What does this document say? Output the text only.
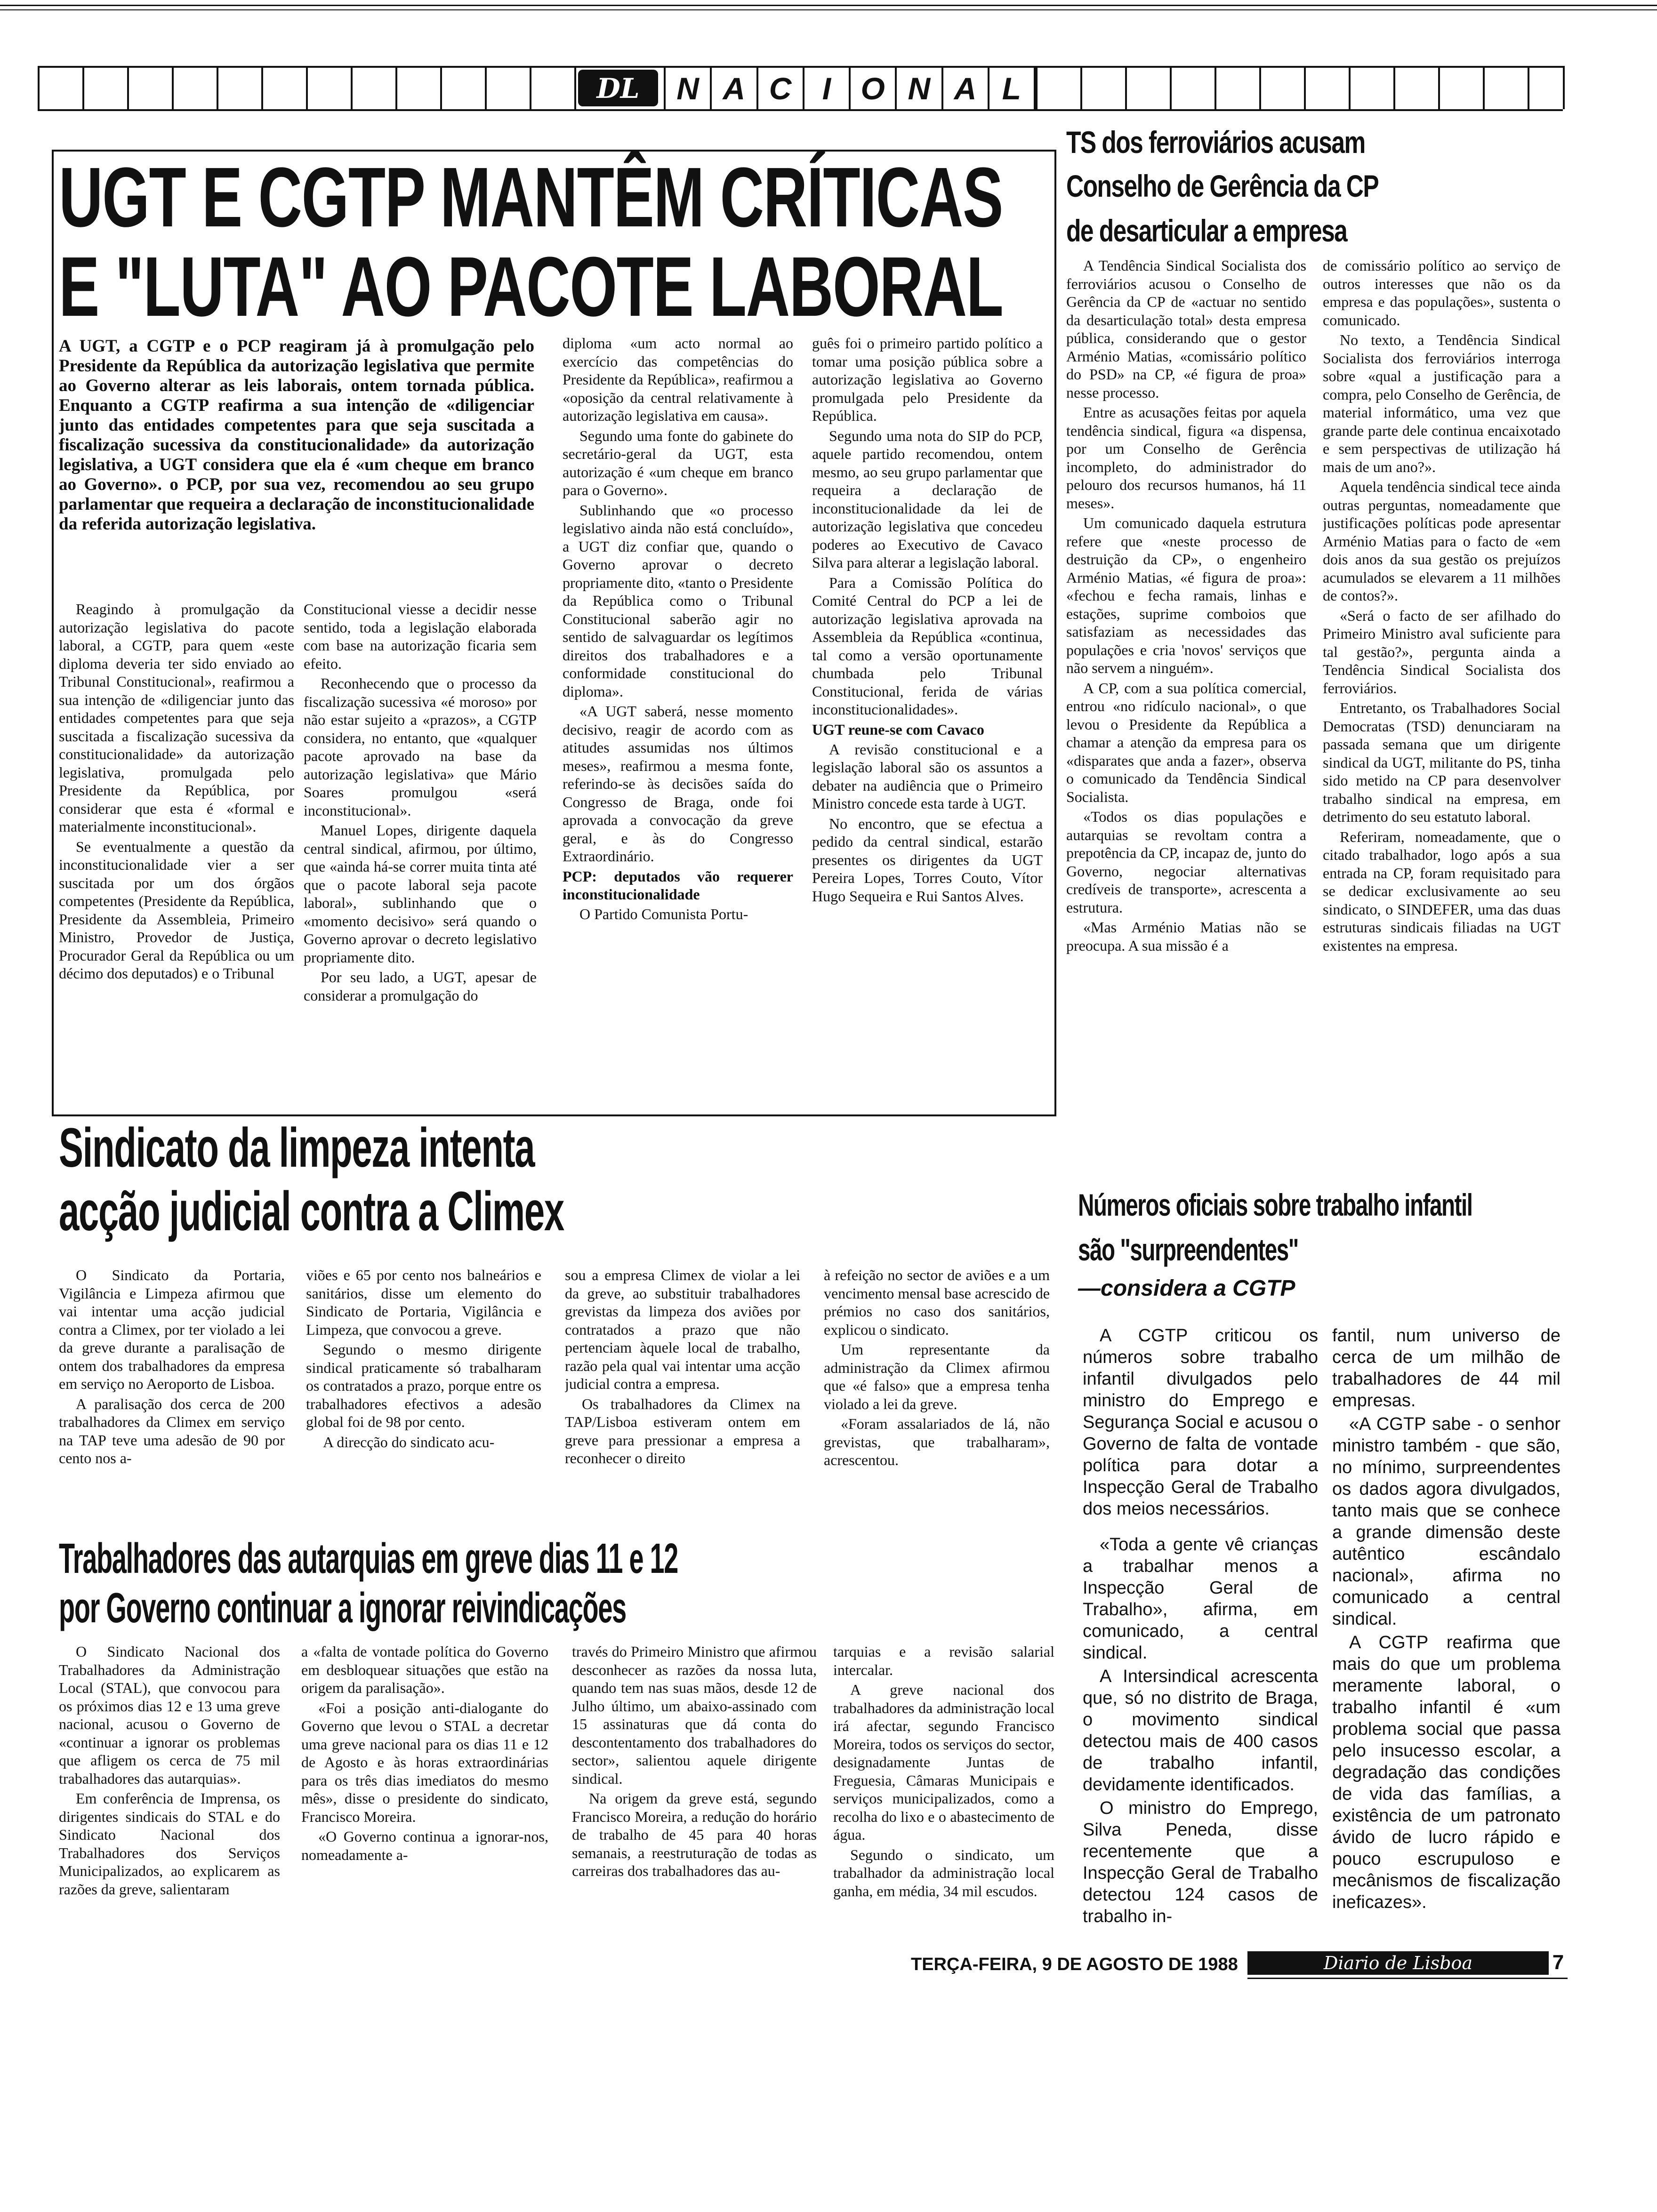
DL	N A C I O N A L
UGT E CGTP MANTÊM CRÍTICAS
E "LUTA" AO PACOTE LABORAL
A UGT, a CGTP e o PCP reagiram já à promulgação pelo Presidente da República da autorização legislativa que permite ao Governo alterar as leis laborais, ontem tornada pública. Enquanto a CGTP reafirma a sua intenção de «diligenciar junto das entidades competentes para que seja suscitada a fiscalização sucessiva da constitucionalidade» da autorização legislativa, a UGT considera que ela é «um cheque em branco ao Governo». o PCP, por sua vez, recomendou ao seu grupo parlamentar que requeira a declaração de inconstitucionalidade da referida autorização legislativa.

Reagindo à promulgação da autorização legislativa do pacote laboral, a CGTP, para quem «este diploma deveria ter sido enviado ao Tribunal Constitucional», reafirmou a sua intenção de «diligenciar junto das entidades competentes para que seja suscitada a fiscalização sucessiva da constitucionalidade» da autorização legislativa, promulgada pelo Presidente da República, por considerar que esta é «formal e materialmente inconstitucional».

Se eventualmente a questão da inconstitucionalidade vier a ser suscitada por um dos órgãos competentes (Presidente da República, Presidente da Assembleia, Primeiro Ministro, Provedor de Justiça, Procurador Geral da República ou um décimo dos deputados) e o Tribunal

Constitucional viesse a decidir nesse sentido, toda a legislação elaborada com base na autorização ficaria sem efeito.

Reconhecendo que o processo da fiscalização sucessiva «é moroso» por não estar sujeito a «prazos», a CGTP considera, no entanto, que «qualquer pacote aprovado na base da autorização legislativa» que Mário Soares promulgou «será inconstitucional».

Manuel Lopes, dirigente daquela central sindical, afirmou, por último, que «ainda há-se correr muita tinta até que o pacote laboral seja pacote laboral», sublinhando que o «momento decisivo» será quando o Governo aprovar o decreto legislativo propriamente dito.

Por seu lado, a UGT, apesar de considerar a promulgação do

diploma «um acto normal ao exercício das competências do Presidente da República», reafirmou a «oposição da central relativamente à autorização legislativa em causa».

Segundo uma fonte do gabinete do secretário-geral da UGT, esta autorização é «um cheque em branco para o Governo».

Sublinhando que «o processo legislativo ainda não está concluído», a UGT diz confiar que, quando o Governo aprovar o decreto propriamente dito, «tanto o Presidente da República como o Tribunal Constitucional saberão agir no sentido de salvaguardar os legítimos direitos dos trabalhadores e a conformidade constitucional do diploma».

«A UGT saberá, nesse momento decisivo, reagir de acordo com as atitudes assumidas nos últimos meses», reafirmou a mesma fonte, referindo-se às decisões saída do Congresso de Braga, onde foi aprovada a convocação da greve geral, e às do Congresso Extraordinário.

PCP: deputados vão requerer inconstitucionalidade

O Partido Comunista Portu-

guês foi o primeiro partido político a tomar uma posição pública sobre a autorização legislativa ao Governo promulgada pelo Presidente da República.

Segundo uma nota do SIP do PCP, aquele partido recomendou, ontem mesmo, ao seu grupo parlamentar que requeira a declaração de inconstitucionalidade da lei de autorização legislativa que concedeu poderes ao Executivo de Cavaco Silva para alterar a legislação laboral.

Para a Comissão Política do Comité Central do PCP a lei de autorização legislativa aprovada na Assembleia da República «continua, tal como a versão oportunamente chumbada pelo Tribunal Constitucional, ferida de várias inconstitucionalidades».

UGT reune-se com Cavaco

A revisão constitucional e a legislação laboral são os assuntos a debater na audiência que o Primeiro Ministro concede esta tarde à UGT.

No encontro, que se efectua a pedido da central sindical, estarão presentes os dirigentes da UGT Pereira Lopes, Torres Couto, Vítor Hugo Sequeira e Rui Santos Alves.

TS dos ferroviários acusam
Conselho de Gerência da CP
de desarticular a empresa

A Tendência Sindical Socialista dos ferroviários acusou o Conselho de Gerência da CP de «actuar no sentido da desarticulação total» desta empresa pública, considerando que o gestor Arménio Matias, «comissário político do PSD» na CP, «é figura de proa» nesse processo.

Entre as acusações feitas por aquela tendência sindical, figura «a dispensa, por um Conselho de Gerência incompleto, do administrador do pelouro dos recursos humanos, há 11 meses».

Um comunicado daquela estrutura refere que «neste processo de destruição da CP», o engenheiro Arménio Matias, «é figura de proa»: «fechou e fecha ramais, linhas e estações, suprime comboios que satisfaziam as necessidades das populações e cria 'novos' serviços que não servem a ninguém».

A CP, com a sua política comercial, entrou «no ridículo nacional», o que levou o Presidente da República a chamar a atenção da empresa para os «disparates que anda a fazer», observa o comunicado da Tendência Sindical Socialista.

«Todos os dias populações e autarquias se revoltam contra a prepotência da CP, incapaz de, junto do Governo, negociar alternativas credíveis de transporte», acrescenta a estrutura.

«Mas Arménio Matias não se preocupa. A sua missão é a

de comissário político ao serviço de outros interesses que não os da empresa e das populações», sustenta o comunicado.

No texto, a Tendência Sindical Socialista dos ferroviários interroga sobre «qual a justificação para a compra, pelo Conselho de Gerência, de material informático, uma vez que grande parte dele continua encaixotado e sem perspectivas de utilização há mais de um ano?».

Aquela tendência sindical tece ainda outras perguntas, nomeadamente que justificações políticas pode apresentar Arménio Matias para o facto de «em dois anos da sua gestão os prejuízos acumulados se elevarem a 11 milhões de contos?».

«Será o facto de ser afilhado do Primeiro Ministro aval suficiente para tal gestão?», pergunta ainda a Tendência Sindical Socialista dos ferroviários.

Entretanto, os Trabalhadores Social Democratas (TSD) denunciaram na passada semana que um dirigente sindical da UGT, militante do PS, tinha sido metido na CP para desenvolver trabalho sindical na empresa, em detrimento do seu estatuto laboral.

Referiram, nomeadamente, que o citado trabalhador, logo após a sua entrada na CP, foram requisitado para se dedicar exclusivamente ao seu sindicato, o SINDEFER, uma das duas estruturas sindicais filiadas na UGT existentes na empresa.

Sindicato da limpeza intenta
acção judicial contra a Climex

O Sindicato da Portaria, Vigilância e Limpeza afirmou que vai intentar uma acção judicial contra a Climex, por ter violado a lei da greve durante a paralisação de ontem dos trabalhadores da empresa em serviço no Aeroporto de Lisboa.

A paralisação dos cerca de 200 trabalhadores da Climex em serviço na TAP teve uma adesão de 90 por cento nos a-

viões e 65 por cento nos balneários e sanitários, disse um elemento do Sindicato de Portaria, Vigilância e Limpeza, que convocou a greve.

Segundo o mesmo dirigente sindical praticamente só trabalharam os contratados a prazo, porque entre os trabalhadores efectivos a adesão global foi de 98 por cento.

A direcção do sindicato acu-

sou a empresa Climex de violar a lei da greve, ao substituir trabalhadores grevistas da limpeza dos aviões por contratados a prazo que não pertenciam àquele local de trabalho, razão pela qual vai intentar uma acção judicial contra a empresa.

Os trabalhadores da Climex na TAP/Lisboa estiveram ontem em greve para pressionar a empresa a reconhecer o direito

à refeição no sector de aviões e a um vencimento mensal base acrescido de prémios no caso dos sanitários, explicou o sindicato.

Um representante da administração da Climex afirmou que «é falso» que a empresa tenha violado a lei da greve.

«Foram assalariados de lá, não grevistas, que trabalharam», acrescentou.

Números oficiais sobre trabalho infantil
são "surpreendentes"
—considera a CGTP

A CGTP criticou os números sobre trabalho infantil divulgados pelo ministro do Emprego e Segurança Social e acusou o Governo de falta de vontade política para dotar a Inspecção Geral de Trabalho dos meios necessários.

«Toda a gente vê crianças a trabalhar menos a Inspecção Geral de Trabalho», afirma, em comunicado, a central sindical.

A Intersindical acrescenta que, só no distrito de Braga, o movimento sindical detectou mais de 400 casos de trabalho infantil, devidamente identificados.

O ministro do Emprego, Silva Peneda, disse recentemente que a Inspecção Geral de Trabalho detectou 124 casos de trabalho in-

fantil, num universo de cerca de um milhão de trabalhadores de 44 mil empresas.

«A CGTP sabe - o senhor ministro também - que são, no mínimo, surpreendentes os dados agora divulgados, tanto mais que se conhece a grande dimensão deste autêntico escândalo nacional», afirma no comunicado a central sindical.

A CGTP reafirma que mais do que um problema meramente laboral, o trabalho infantil é «um problema social que passa pelo insucesso escolar, a degradação das condições de vida das famílias, a existência de um patronato ávido de lucro rápido e pouco escrupuloso e mecânismos de fiscalização ineficazes».

Trabalhadores das autarquias em greve dias 11 e 12
por Governo continuar a ignorar reivindicações

O Sindicato Nacional dos Trabalhadores da Administração Local (STAL), que convocou para os próximos dias 12 e 13 uma greve nacional, acusou o Governo de «continuar a ignorar os problemas que afligem os cerca de 75 mil trabalhadores das autarquias».

Em conferência de Imprensa, os dirigentes sindicais do STAL e do Sindicato Nacional dos Trabalhadores dos Serviços Municipalizados, ao explicarem as razões da greve, salientaram

a «falta de vontade política do Governo em desbloquear situações que estão na origem da paralisação».

«Foi a posição anti-dialogante do Governo que levou o STAL a decretar uma greve nacional para os dias 11 e 12 de Agosto e às horas extraordinárias para os três dias imediatos do mesmo mês», disse o presidente do sindicato, Francisco Moreira.

«O Governo continua a ignorar-nos, nomeadamente a-

través do Primeiro Ministro que afirmou desconhecer as razões da nossa luta, quando tem nas suas mãos, desde 12 de Julho último, um abaixo-assinado com 15 assinaturas que dá conta do descontentamento dos trabalhadores do sector», salientou aquele dirigente sindical.

Na origem da greve está, segundo Francisco Moreira, a redução do horário de trabalho de 45 para 40 horas semanais, a reestruturação de todas as carreiras dos trabalhadores das au-

tarquias e a revisão salarial intercalar.

A greve nacional dos trabalhadores da administração local irá afectar, segundo Francisco Moreira, todos os serviços do sector, designadamente Juntas de Freguesia, Câmaras Municipais e serviços municipalizados, como a recolha do lixo e o abastecimento de água.

Segundo o sindicato, um trabalhador da administração local ganha, em média, 34 mil escudos.

TERÇA-FEIRA, 9 DE AGOSTO DE 1988	Diario de Lisboa	7
